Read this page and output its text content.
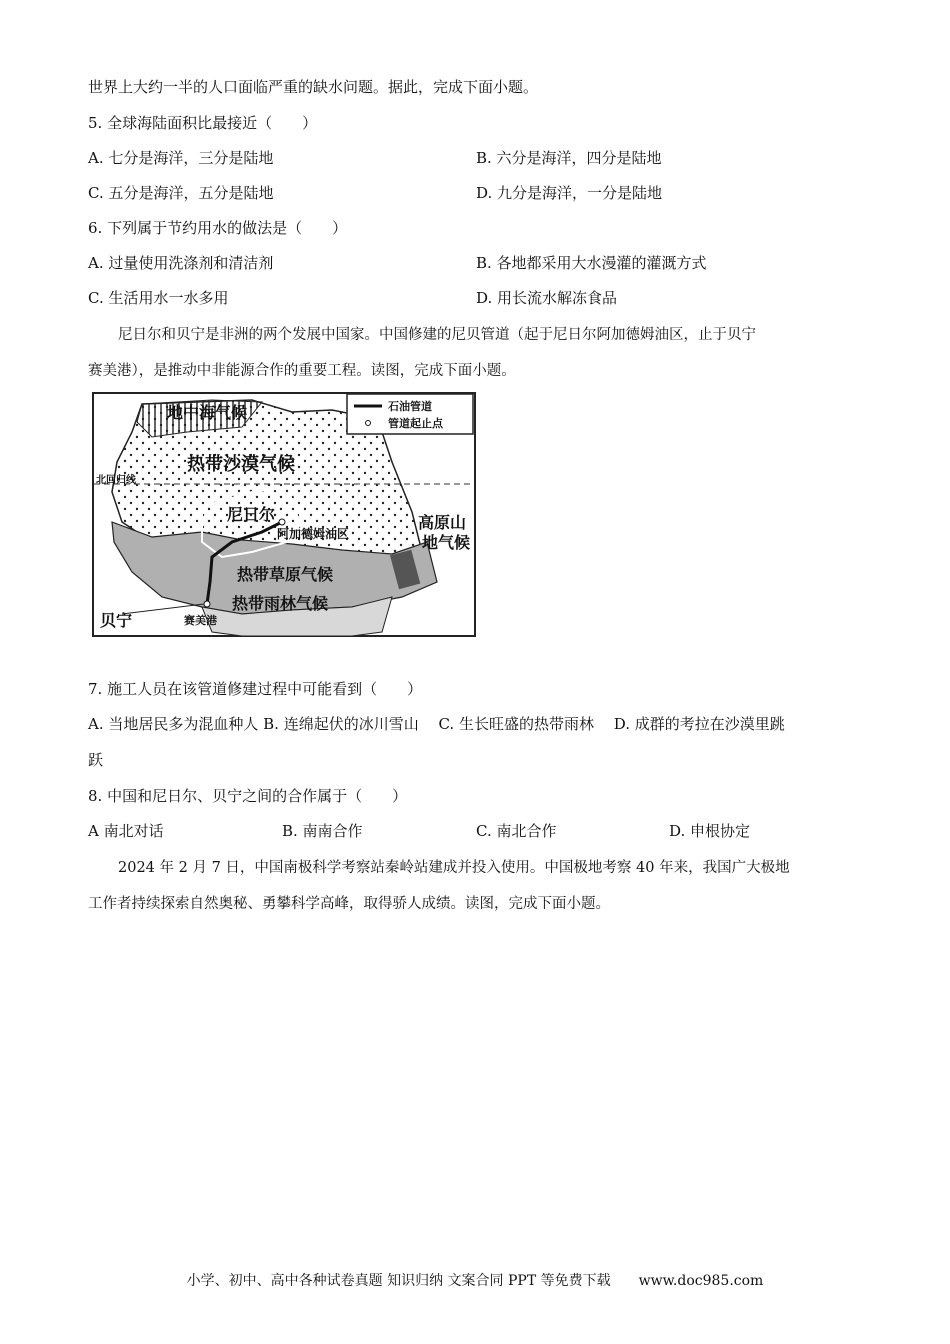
世界上大约一半的人口面临严重的缺水问题。据此，完成下面小题。
5. 全球海陆面积比最接近（　　）
A. 七分是海洋，三分是陆地	B. 六分是海洋，四分是陆地
C. 五分是海洋，五分是陆地	D. 九分是海洋，一分是陆地
6. 下列属于节约用水的做法是（　　）
A. 过量使用洗涤剂和清洁剂	B. 各地都采用大水漫灌的灌溉方式
C. 生活用水一水多用	D. 用长流水解冻食品
尼日尔和贝宁是非洲的两个发展中国家。中国修建的尼贝管道（起于尼日尔阿加德姆油区，止于贝宁
赛美港），是推动中非能源合作的重要工程。读图，完成下面小题。
石油管道
管道起止点
地中海气候
热带沙漠气候
北回归线
尼日尔
阿加德姆油区
高原山
地气候
热带草原气候
热带雨林气候
贝宁	赛美港
7. 施工人员在该管道修建过程中可能看到（　　）
A. 当地居民多为混血种人 B. 连绵起伏的冰川雪山　 C. 生长旺盛的热带雨林　 D. 成群的考拉在沙漠里跳
跃
8. 中国和尼日尔、贝宁之间的合作属于（　　）
A 南北对话	B. 南南合作	C. 南北合作	D. 申根协定
2024 年 2 月 7 日，中国南极科学考察站秦岭站建成并投入使用。中国极地考察 40 年来，我国广大极地
工作者持续探索自然奥秘、勇攀科学高峰，取得骄人成绩。读图，完成下面小题。
小学、初中、高中各种试卷真题 知识归纳 文案合同 PPT 等免费下载　　www.doc985.com
